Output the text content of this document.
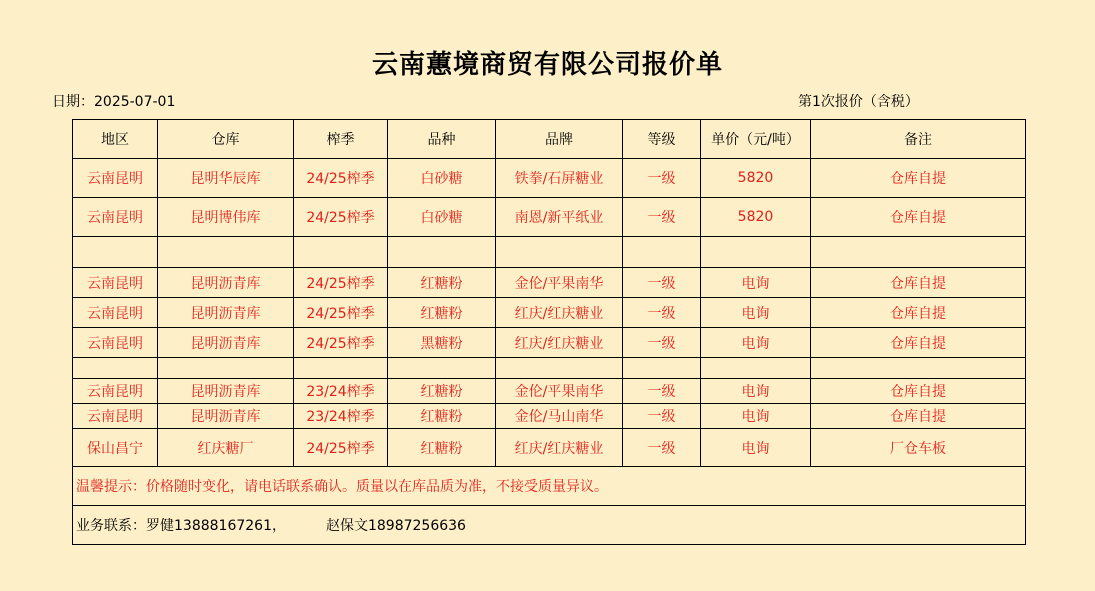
云南蕙境商贸有限公司报价单
日期：2025-07-01	第1次报价（含税）
地区	仓库	榨季	品种	品牌	等级	单价（元/吨）	备注
云南昆明	昆明华辰库	24/25榨季	白砂糖	铁拳/石屏糖业	一级	5820	仓库自提
云南昆明	昆明博伟库	24/25榨季	白砂糖	南恩/新平纸业	一级	5820	仓库自提

云南昆明	昆明沥青库	24/25榨季	红糖粉	金伦/平果南华	一级	电询	仓库自提
云南昆明	昆明沥青库	24/25榨季	红糖粉	红庆/红庆糖业	一级	电询	仓库自提
云南昆明	昆明沥青库	24/25榨季	黑糖粉	红庆/红庆糖业	一级	电询	仓库自提

云南昆明	昆明沥青库	23/24榨季	红糖粉	金伦/平果南华	一级	电询	仓库自提
云南昆明	昆明沥青库	23/24榨季	红糖粉	金伦/马山南华	一级	电询	仓库自提
保山昌宁	红庆糖厂	24/25榨季	红糖粉	红庆/红庆糖业	一级	电询	厂仓车板
温馨提示：价格随时变化，请电话联系确认。质量以在库品质为准，不接受质量异议。							
业务联系：罗健13888167261， 赵保文18987256636							
